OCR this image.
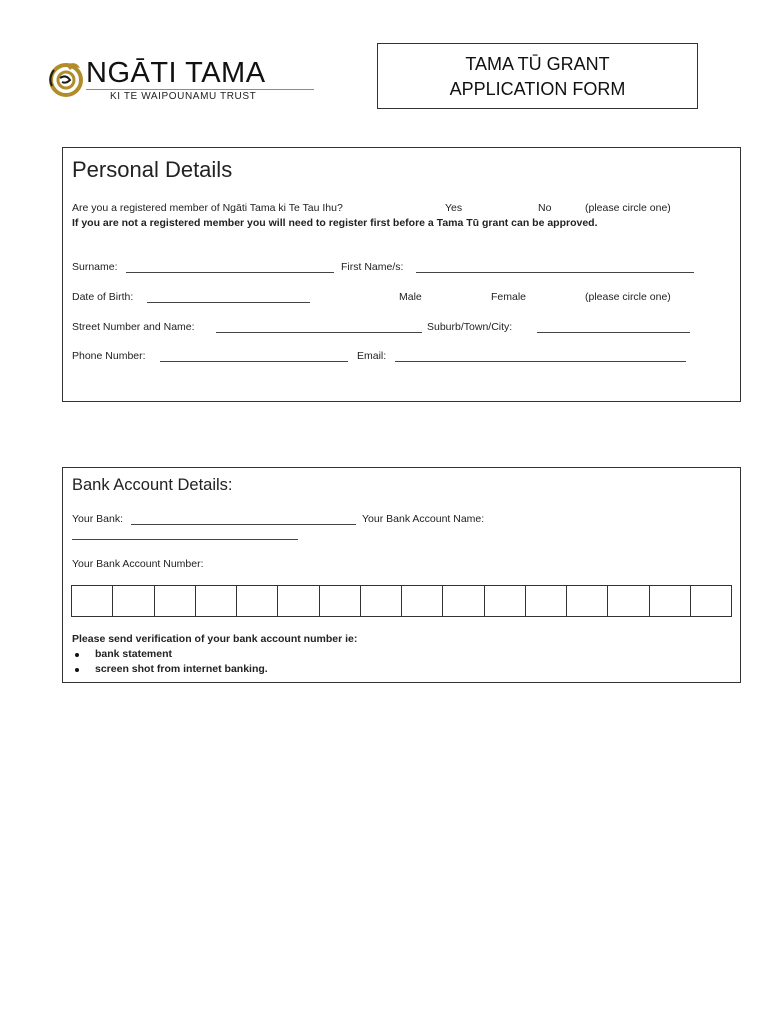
NGĀTI TAMA
KI TE WAIPOUNAMU TRUST
TAMA TŪ GRANT
APPLICATION FORM
Personal Details
Are you a registered member of Ngāti Tama ki Te Tau Ihu?	Yes	No	(please circle one)
If you are not a registered member you will need to register first before a Tama Tū grant can be approved.
Surname:	First Name/s:
Date of Birth:	Male	Female	(please circle one)
Street Number and Name:	Suburb/Town/City:
Phone Number:	Email:
Bank Account Details:
Your Bank:	Your Bank Account Name:
Your Bank Account Number:
Please send verification of your bank account number ie:
bank statement
screen shot from internet banking.
